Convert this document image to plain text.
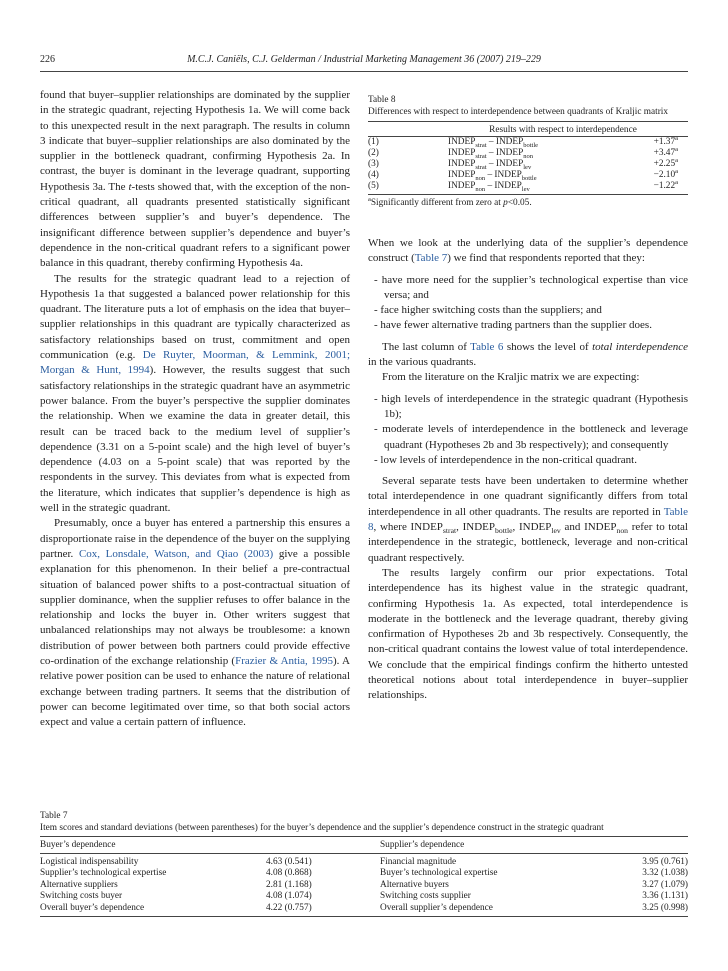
226	M.C.J. Caniëls, C.J. Gelderman / Industrial Marketing Management 36 (2007) 219–229

found that buyer–supplier relationships are dominated by the supplier in the strategic quadrant, rejecting Hypothesis 1a. We will come back to this unexpected result in the next paragraph. The results in column 3 indicate that buyer–supplier relationships are also dominated by the supplier in the bottleneck quadrant, confirming Hypothesis 2a. In contrast, the buyer is dominant in the leverage quadrant, supporting Hypothesis 3a. The t-tests showed that, with the exception of the non-critical quadrant, all quadrants presented statistically significant differences between supplier’s and buyer’s dependence. The insignificant difference between supplier’s dependence and buyer’s dependence in the non-critical quadrant refers to a significant power balance in this quadrant, thereby confirming Hypothesis 4a.

The results for the strategic quadrant lead to a rejection of Hypothesis 1a that suggested a balanced power relationship for this quadrant. The literature puts a lot of emphasis on the idea that buyer–supplier relationships in this quadrant are typically characterized as satisfactory relationships based on trust, commitment and open communication (e.g. De Ruyter, Moorman, & Lemmink, 2001; Morgan & Hunt, 1994). However, the results suggest that such satisfactory relationships in the strategic quadrant have an asymmetric power balance. From the buyer’s perspective the supplier dominates the relationship. When we examine the data in greater detail, this result can be traced back to the medium level of supplier’s dependence (3.31 on a 5-point scale) and the high level of buyer’s dependence (4.03 on a 5-point scale) that was reported by the respondents in the survey. This deviates from what is expected from the literature, which indicates that supplier’s dependence is high as well in the strategic quadrant.

Presumably, once a buyer has entered a partnership this ensures a disproportionate raise in the dependence of the buyer on the supplying partner. Cox, Lonsdale, Watson, and Qiao (2003) give a possible explanation for this phenomenon. In their belief a pre-contractual situation of balanced power shifts to a post-contractual situation of supplier dominance, when the supplier refuses to offer balance in the relationship and locks the buyer in. Other writers suggest that unbalanced relationships may not always be troublesome: a known distribution of power between both partners could provide effective co-ordination of the exchange relationship (Frazier & Antia, 1995). A relative power position can be used to enhance the nature of relational exchange between trading partners. It seems that the distribution of power can become legitimated over time, so that both social actors expect and value a certain pattern of influence.

Table 8
Differences with respect to interdependence between quadrants of Kraljic matrix
Results with respect to interdependence
(1)	$INDEP_{strat}$ – $INDEP_{bottle}$	+1.37$^a$
(2)	$INDEP_{strat}$ – $INDEP_{non}$	+3.47$^a$
(3)	$INDEP_{strat}$ – $INDEP_{lev}$	+2.25$^a$
(4)	$INDEP_{non}$ – $INDEP_{bottle}$	−2.10$^a$
(5)	$INDEP_{non}$ – $INDEP_{lev}$	−1.22$^a$
$^a$Significantly different from zero at p<0.05.

When we look at the underlying data of the supplier’s dependence construct (Table 7) we find that respondents reported that they:

- have more need for the supplier’s technological expertise than vice versa; and
- face higher switching costs than the suppliers; and
- have fewer alternative trading partners than the supplier does.

The last column of Table 6 shows the level of total interdependence in the various quadrants.

From the literature on the Kraljic matrix we are expecting:

- high levels of interdependence in the strategic quadrant (Hypothesis 1b);
- moderate levels of interdependence in the bottleneck and leverage quadrant (Hypotheses 2b and 3b respectively); and consequently
- low levels of interdependence in the non-critical quadrant.

Several separate tests have been undertaken to determine whether total interdependence in one quadrant significantly differs from total interdependence in all other quadrants. The results are reported in Table 8, where $INDEP_{strat}$, $INDEP_{bottle}$, $INDEP_{lev}$ and $INDEP_{non}$ refer to total interdependence in the strategic, bottleneck, leverage and non-critical quadrant respectively.

The results largely confirm our prior expectations. Total interdependence has its highest value in the strategic quadrant, confirming Hypothesis 1a. As expected, total interdependence is moderate in the bottleneck and the leverage quadrant, thereby giving confirmation of Hypotheses 2b and 3b respectively. Consequently, the non-critical quadrant contains the lowest value of total interdependence. We conclude that the empirical findings confirm the hitherto untested theoretical notions about total interdependence in buyer–supplier relationships.

Table 7
Item scores and standard deviations (between parentheses) for the buyer’s dependence and the supplier’s dependence construct in the strategic quadrant
Buyer’s dependence			Supplier’s dependence	
Logistical indispensability	4.63 (0.541)		Financial magnitude	3.95 (0.761)
Supplier’s technological expertise	4.08 (0.868)		Buyer’s technological expertise	3.32 (1.038)
Alternative suppliers	2.81 (1.168)		Alternative buyers	3.27 (1.079)
Switching costs buyer	4.08 (1.074)		Switching costs supplier	3.36 (1.131)
Overall buyer’s dependence	4.22 (0.757)		Overall supplier’s dependence	3.25 (0.998)
